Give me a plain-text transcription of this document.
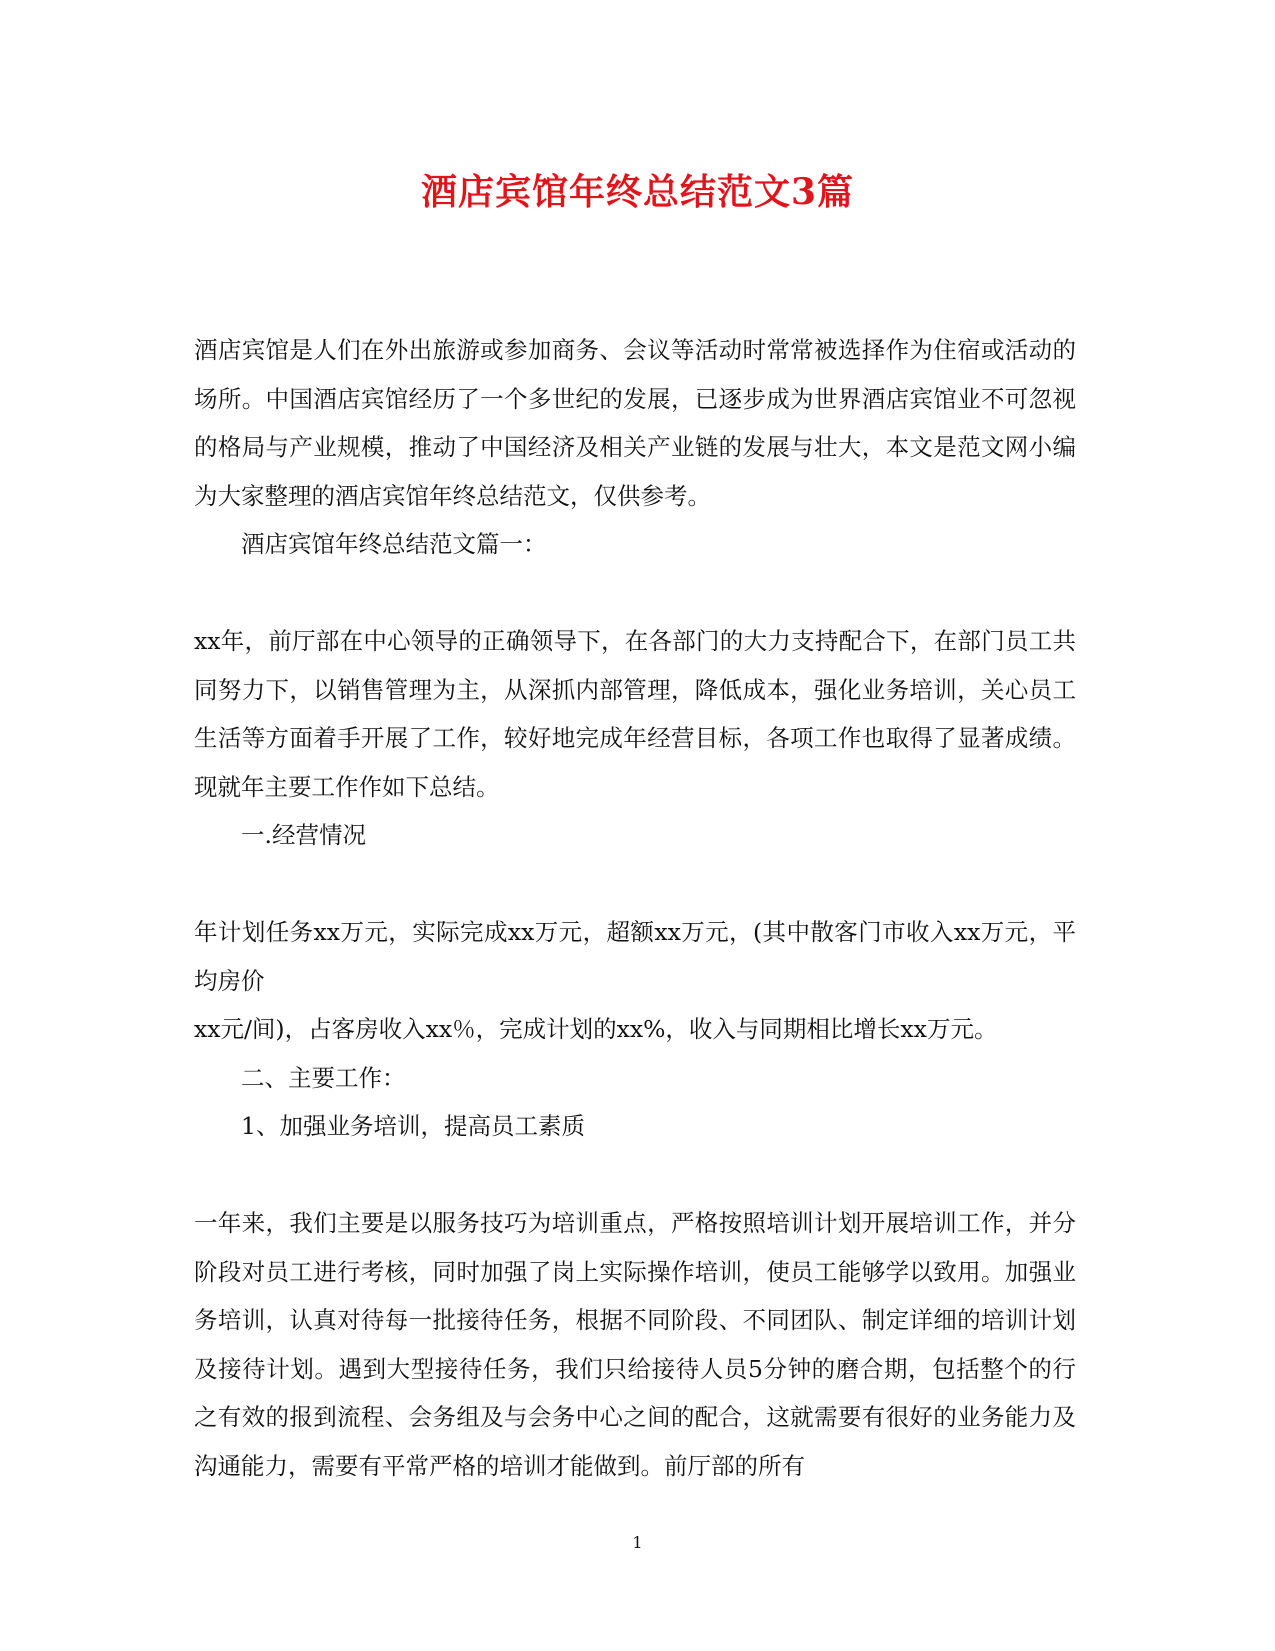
酒店宾馆年终总结范文3篇

酒店宾馆是人们在外出旅游或参加商务、会议等活动时常常被选择作为住宿或活动的场所。中国酒店宾馆经历了一个多世纪的发展，已逐步成为世界酒店宾馆业不可忽视的格局与产业规模，推动了中国经济及相关产业链的发展与壮大，本文是范文网小编为大家整理的酒店宾馆年终总结范文，仅供参考。

酒店宾馆年终总结范文篇一：

xx年，前厅部在中心领导的正确领导下，在各部门的大力支持配合下，在部门员工共同努力下，以销售管理为主，从深抓内部管理，降低成本，强化业务培训，关心员工生活等方面着手开展了工作，较好地完成年经营目标，各项工作也取得了显著成绩。现就年主要工作作如下总结。

一.经营情况

年计划任务xx万元，实际完成xx万元，超额xx万元，(其中散客门市收入xx万元，平均房价

xx元/间)，占客房收入xx％，完成计划的xx%，收入与同期相比增长xx万元。

二、主要工作：

1、加强业务培训，提高员工素质

一年来，我们主要是以服务技巧为培训重点，严格按照培训计划开展培训工作，并分阶段对员工进行考核，同时加强了岗上实际操作培训，使员工能够学以致用。加强业务培训，认真对待每一批接待任务，根据不同阶段、不同团队、制定详细的培训计划及接待计划。遇到大型接待任务，我们只给接待人员5分钟的磨合期，包括整个的行之有效的报到流程、会务组及与会务中心之间的配合，这就需要有很好的业务能力及沟通能力，需要有平常严格的培训才能做到。前厅部的所有

1
